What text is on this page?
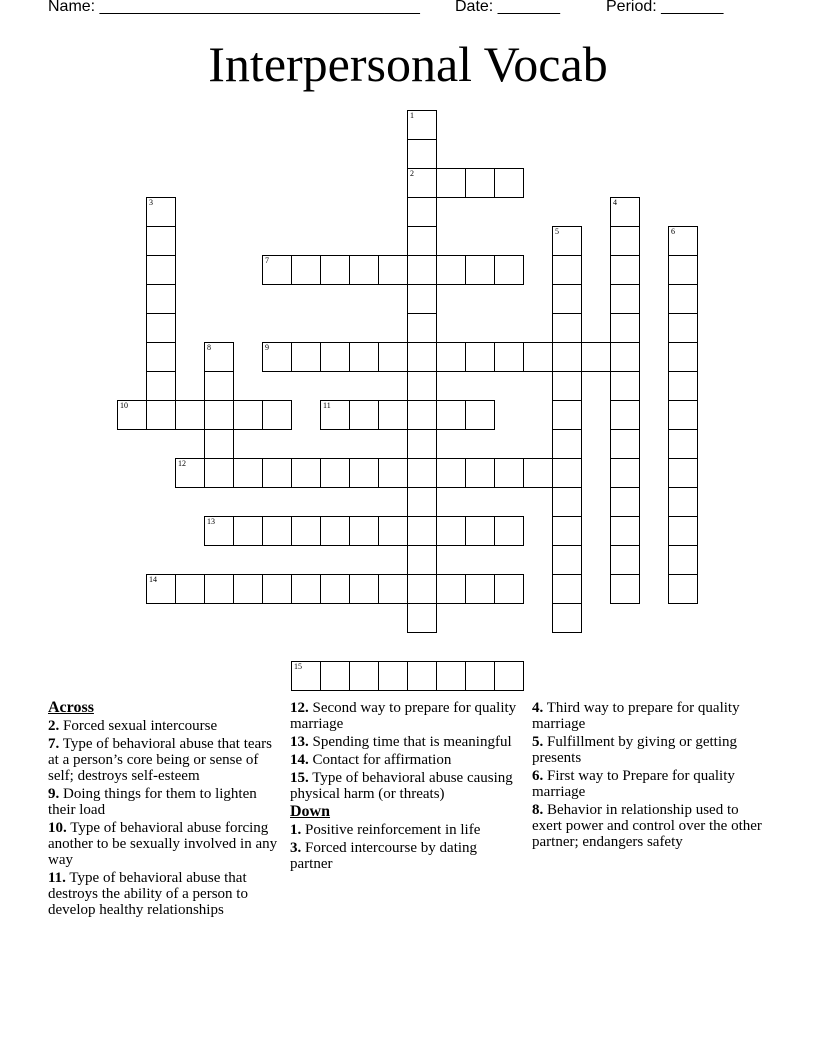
Name: ____________________________________ Date: _______	Period: _______
Interpersonal Vocab
1
2
3	4
5	6
7
8	9
10	11
12
13
14
15
Across
2. Forced sexual intercourse
7. Type of behavioral abuse that tears at a person’s core being or sense of self; destroys self-esteem
9. Doing things for them to lighten their load
10. Type of behavioral abuse forcing another to be sexually involved in any way
11. Type of behavioral abuse that destroys the ability of a person to develop healthy relationships
12. Second way to prepare for quality marriage
13. Spending time that is meaningful
14. Contact for affirmation
15. Type of behavioral abuse causing physical harm (or threats)
Down
1. Positive reinforcement in life
3. Forced intercourse by dating partner
4. Third way to prepare for quality marriage
5. Fulfillment by giving or getting presents
6. First way to Prepare for quality marriage
8. Behavior in relationship used to exert power and control over the other partner; endangers safety
